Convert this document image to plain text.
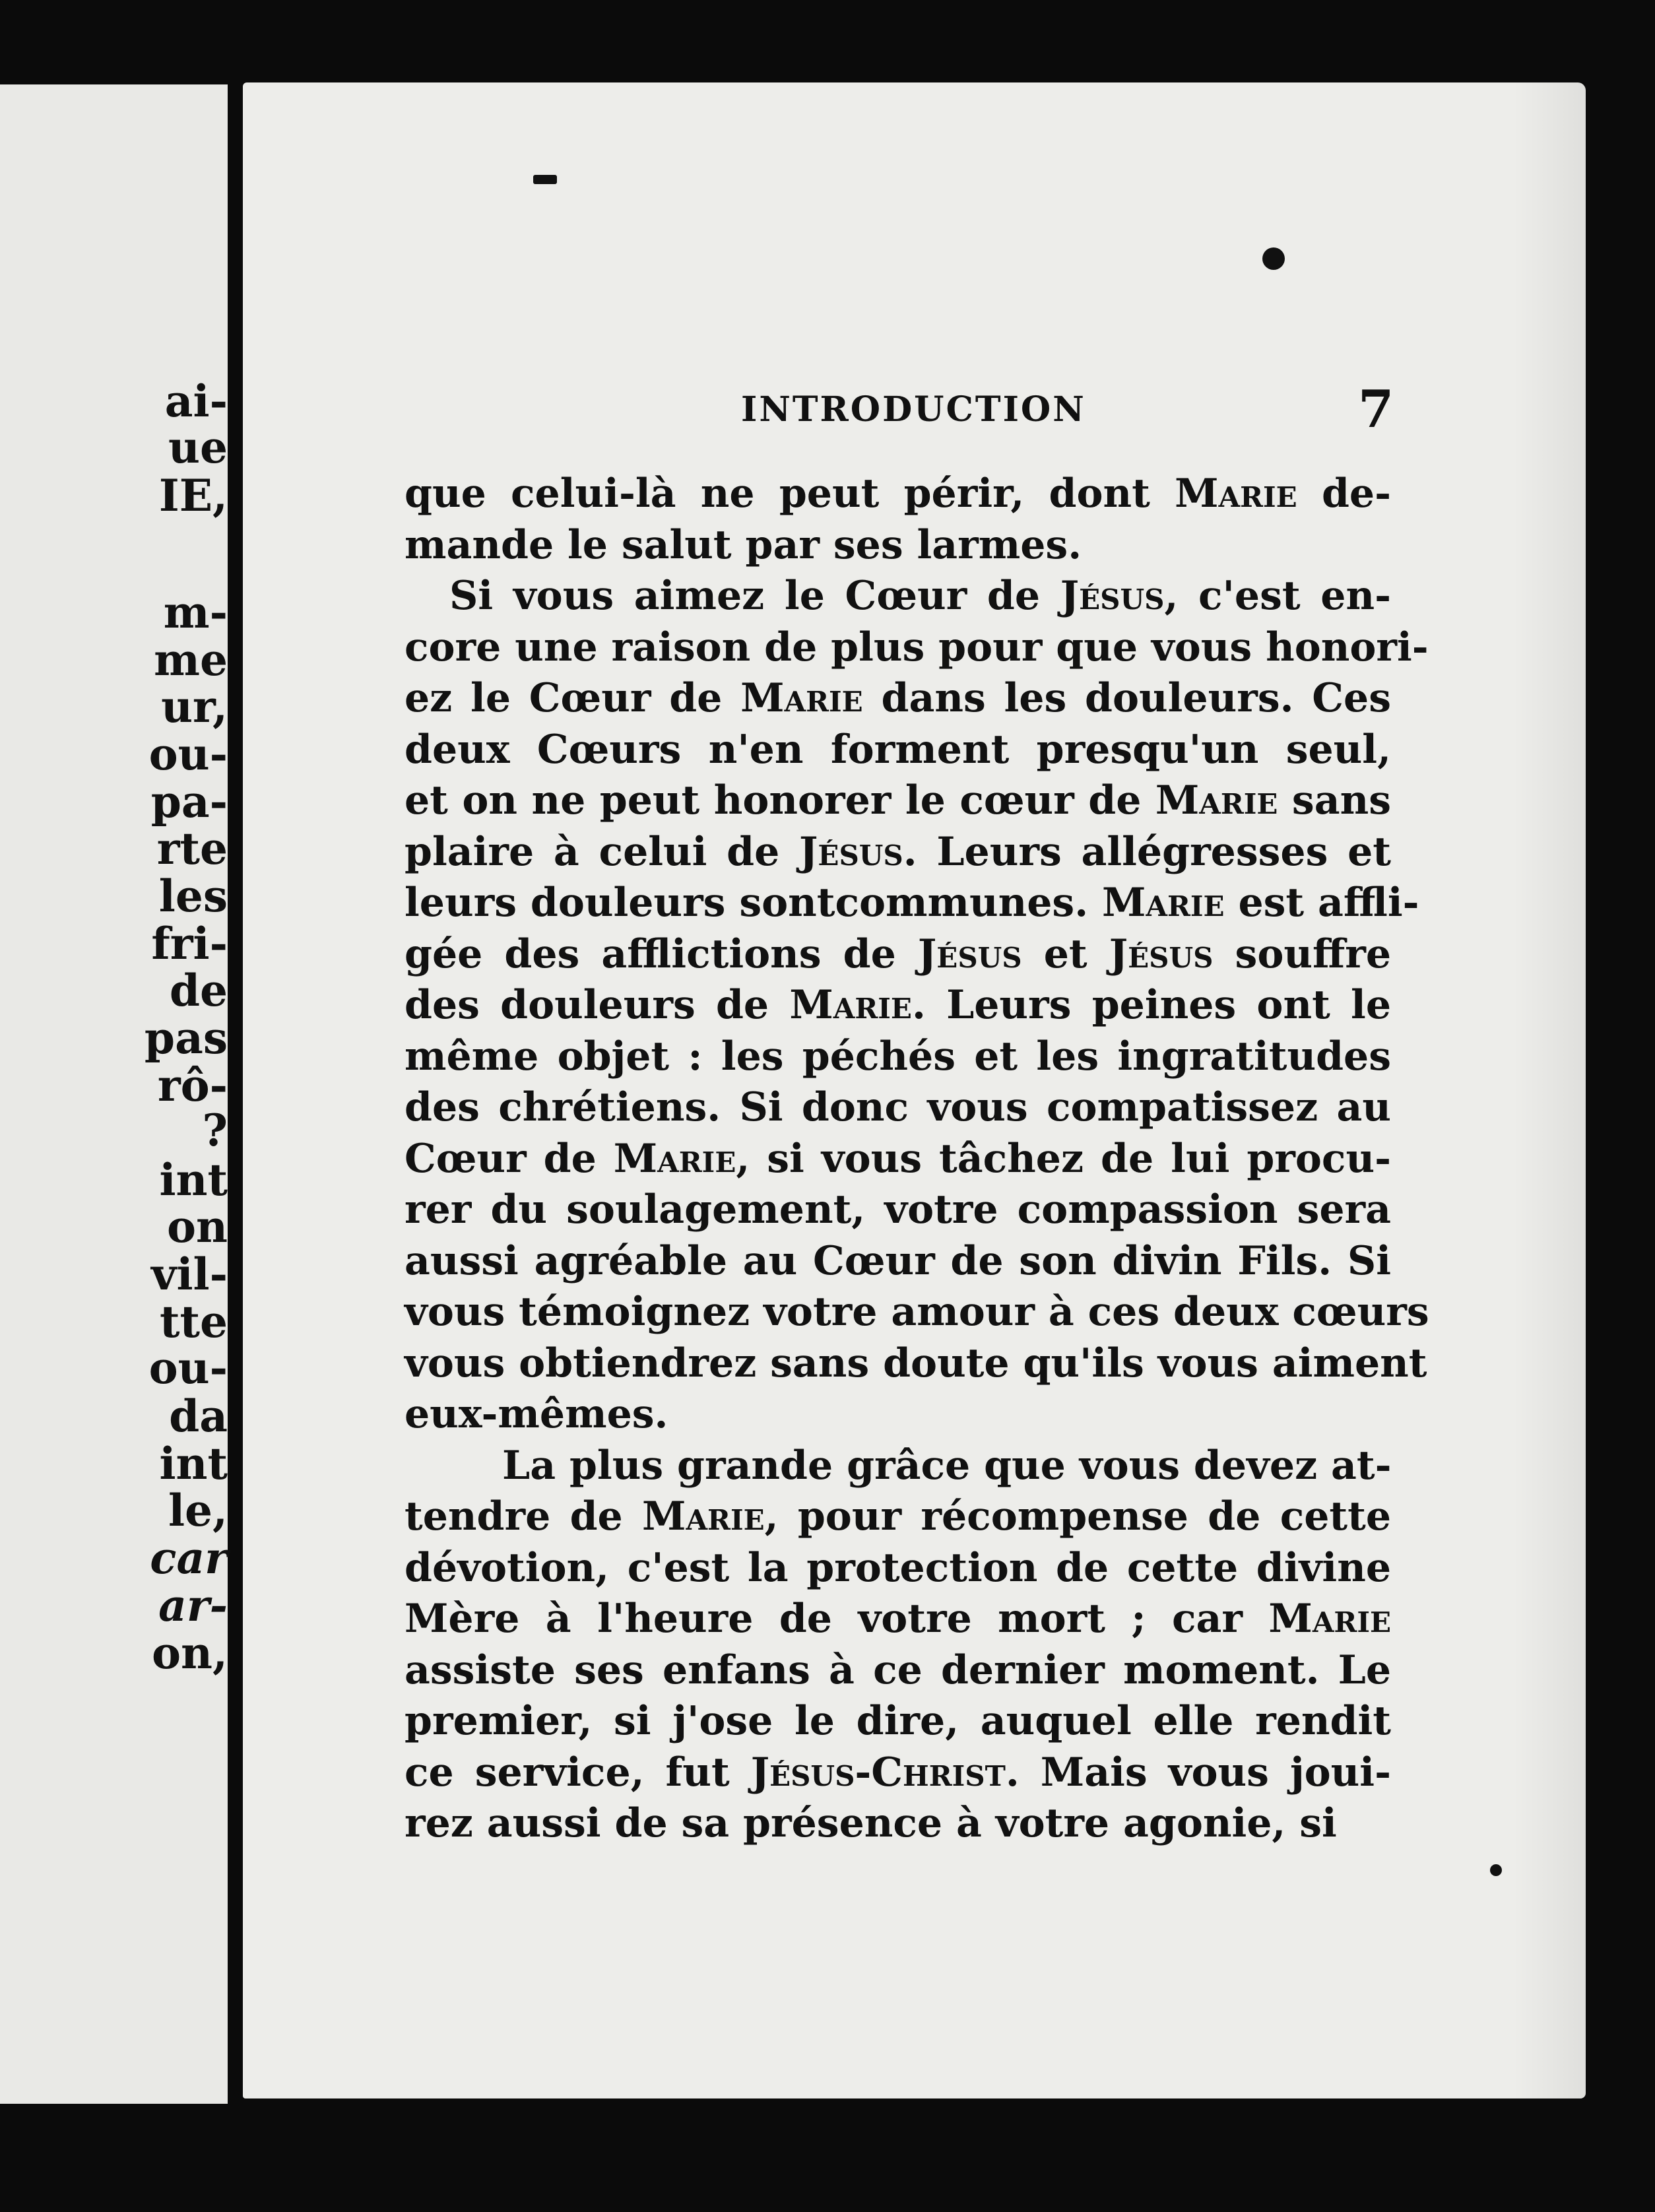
ai-
ue
IE,
m-
me
ur,
ou-
pa-
rte
les
fri-
de
pas
rô-
?
int
on
vil-
tte
ou-
da
int
le,
car
ar-
on,
INTRODUCTION	7
que celui-là ne peut périr, dont Marie de-
mande le salut par ses larmes.
Si vous aimez le Cœur de Jésus, c'est en-
core une raison de plus pour que vous honori-
ez le Cœur de Marie dans les douleurs. Ces
deux Cœurs n'en forment presqu'un seul,
et on ne peut honorer le cœur de Marie sans
plaire à celui de Jésus. Leurs allégresses et
leurs douleurs sontcommunes. Marie est affli-
gée des afflictions de Jésus et Jésus souffre
des douleurs de Marie. Leurs peines ont le
même objet : les péchés et les ingratitudes
des chrétiens. Si donc vous compatissez au
Cœur de Marie, si vous tâchez de lui procu-
rer du soulagement, votre compassion sera
aussi agréable au Cœur de son divin Fils. Si
vous témoignez votre amour à ces deux cœurs
vous obtiendrez sans doute qu'ils vous aiment
eux-mêmes.
La plus grande grâce que vous devez at-
tendre de Marie, pour récompense de cette
dévotion, c'est la protection de cette divine
Mère à l'heure de votre mort ; car Marie
assiste ses enfans à ce dernier moment. Le
premier, si j'ose le dire, auquel elle rendit
ce service, fut Jésus-Christ. Mais vous joui-
rez aussi de sa présence à votre agonie, si
